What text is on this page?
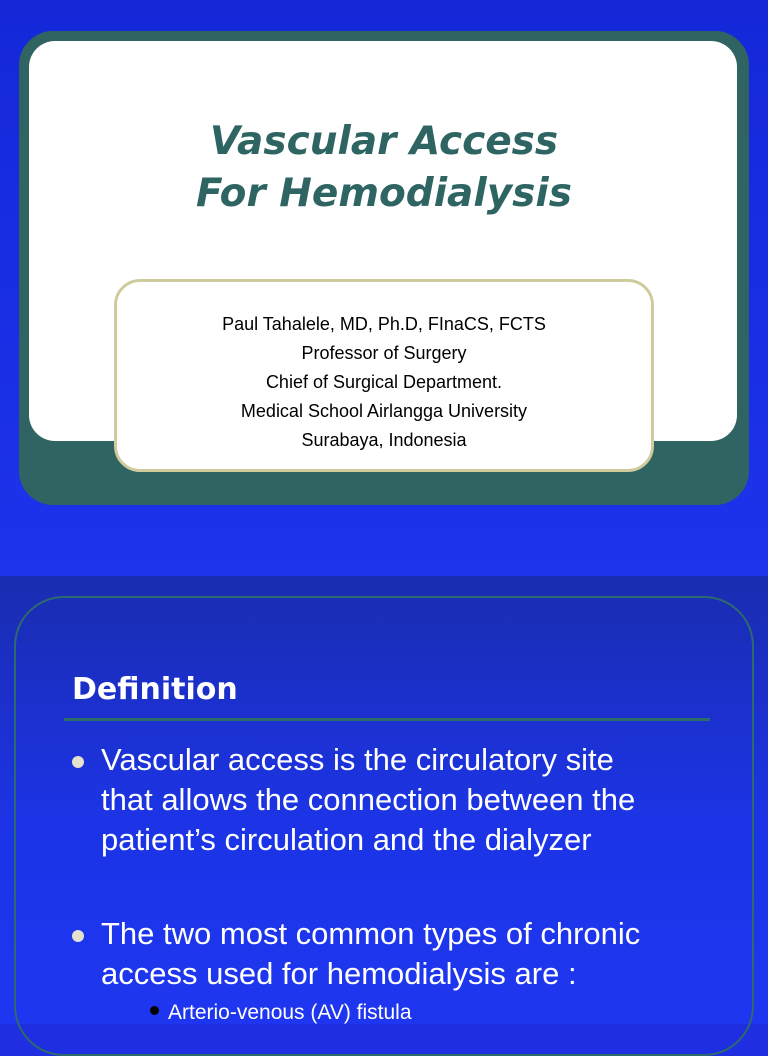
Vascular Access
For Hemodialysis
Paul Tahalele, MD, Ph.D, FInaCS, FCTS
Professor of Surgery
Chief of Surgical Department.
Medical School Airlangga University
Surabaya, Indonesia
Definition
Vascular access is the circulatory site
that allows the connection between the
patient’s circulation and the dialyzer
The two most common types of chronic
access used for hemodialysis are :
Arterio-venous (AV) fistula
